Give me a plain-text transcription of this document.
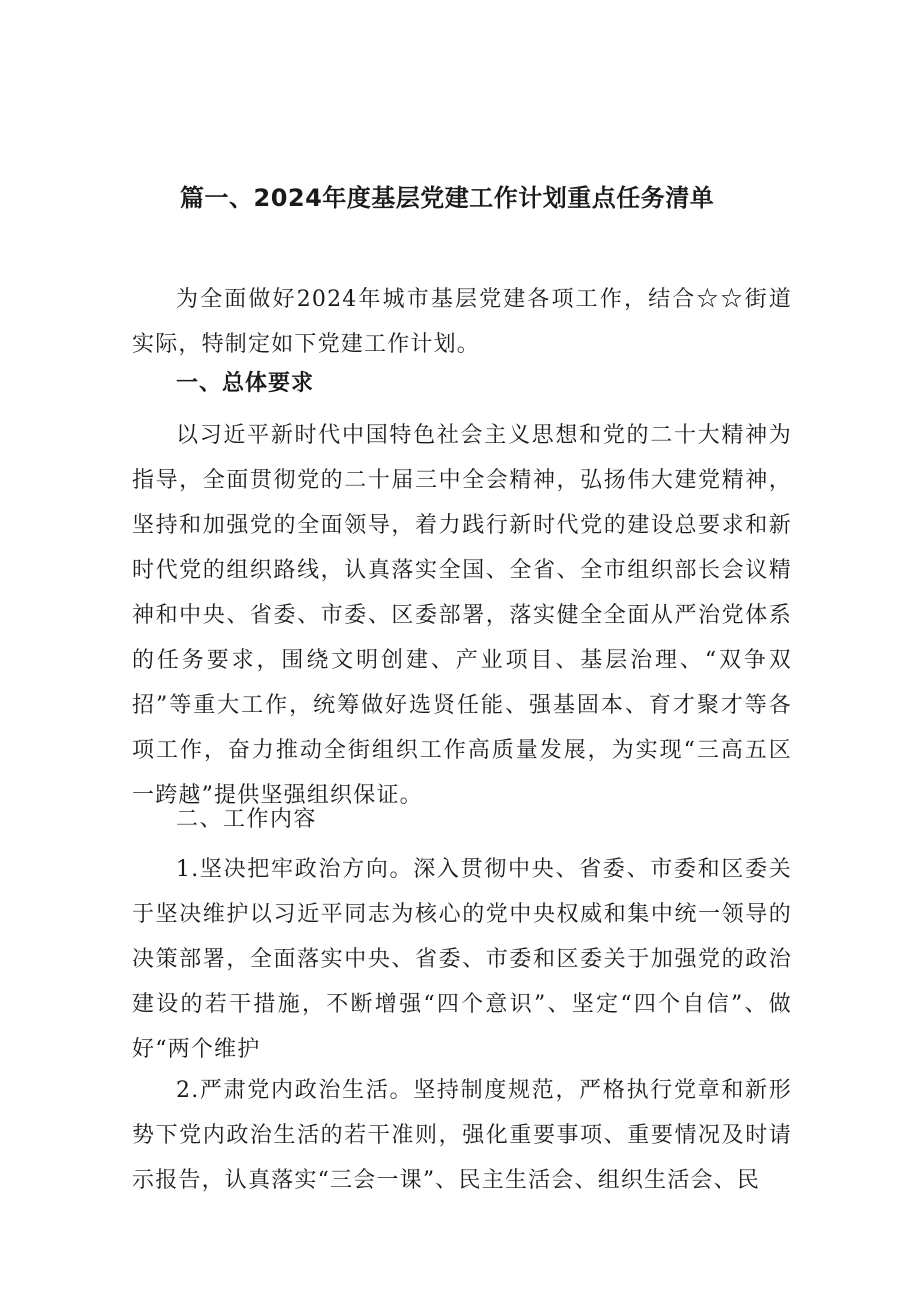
篇一、2024年度基层党建工作计划重点任务清单
为全面做好2024年城市基层党建各项工作，结合☆☆街道实际，特制定如下党建工作计划。
一、总体要求
以习近平新时代中国特色社会主义思想和党的二十大精神为指导，全面贯彻党的二十届三中全会精神，弘扬伟大建党精神，坚持和加强党的全面领导，着力践行新时代党的建设总要求和新时代党的组织路线，认真落实全国、全省、全市组织部长会议精神和中央、省委、市委、区委部署，落实健全全面从严治党体系的任务要求，围绕文明创建、产业项目、基层治理、“双争双招”等重大工作，统筹做好选贤任能、强基固本、育才聚才等各项工作，奋力推动全街组织工作高质量发展，为实现“三高五区一跨越”提供坚强组织保证。
二、工作内容
1.坚决把牢政治方向。深入贯彻中央、省委、市委和区委关于坚决维护以习近平同志为核心的党中央权威和集中统一领导的决策部署，全面落实中央、省委、市委和区委关于加强党的政治建设的若干措施，不断增强“四个意识”、坚定“四个自信”、做好“两个维护
2.严肃党内政治生活。坚持制度规范，严格执行党章和新形势下党内政治生活的若干准则，强化重要事项、重要情况及时请示报告，认真落实“三会一课”、民主生活会、组织生活会、民
